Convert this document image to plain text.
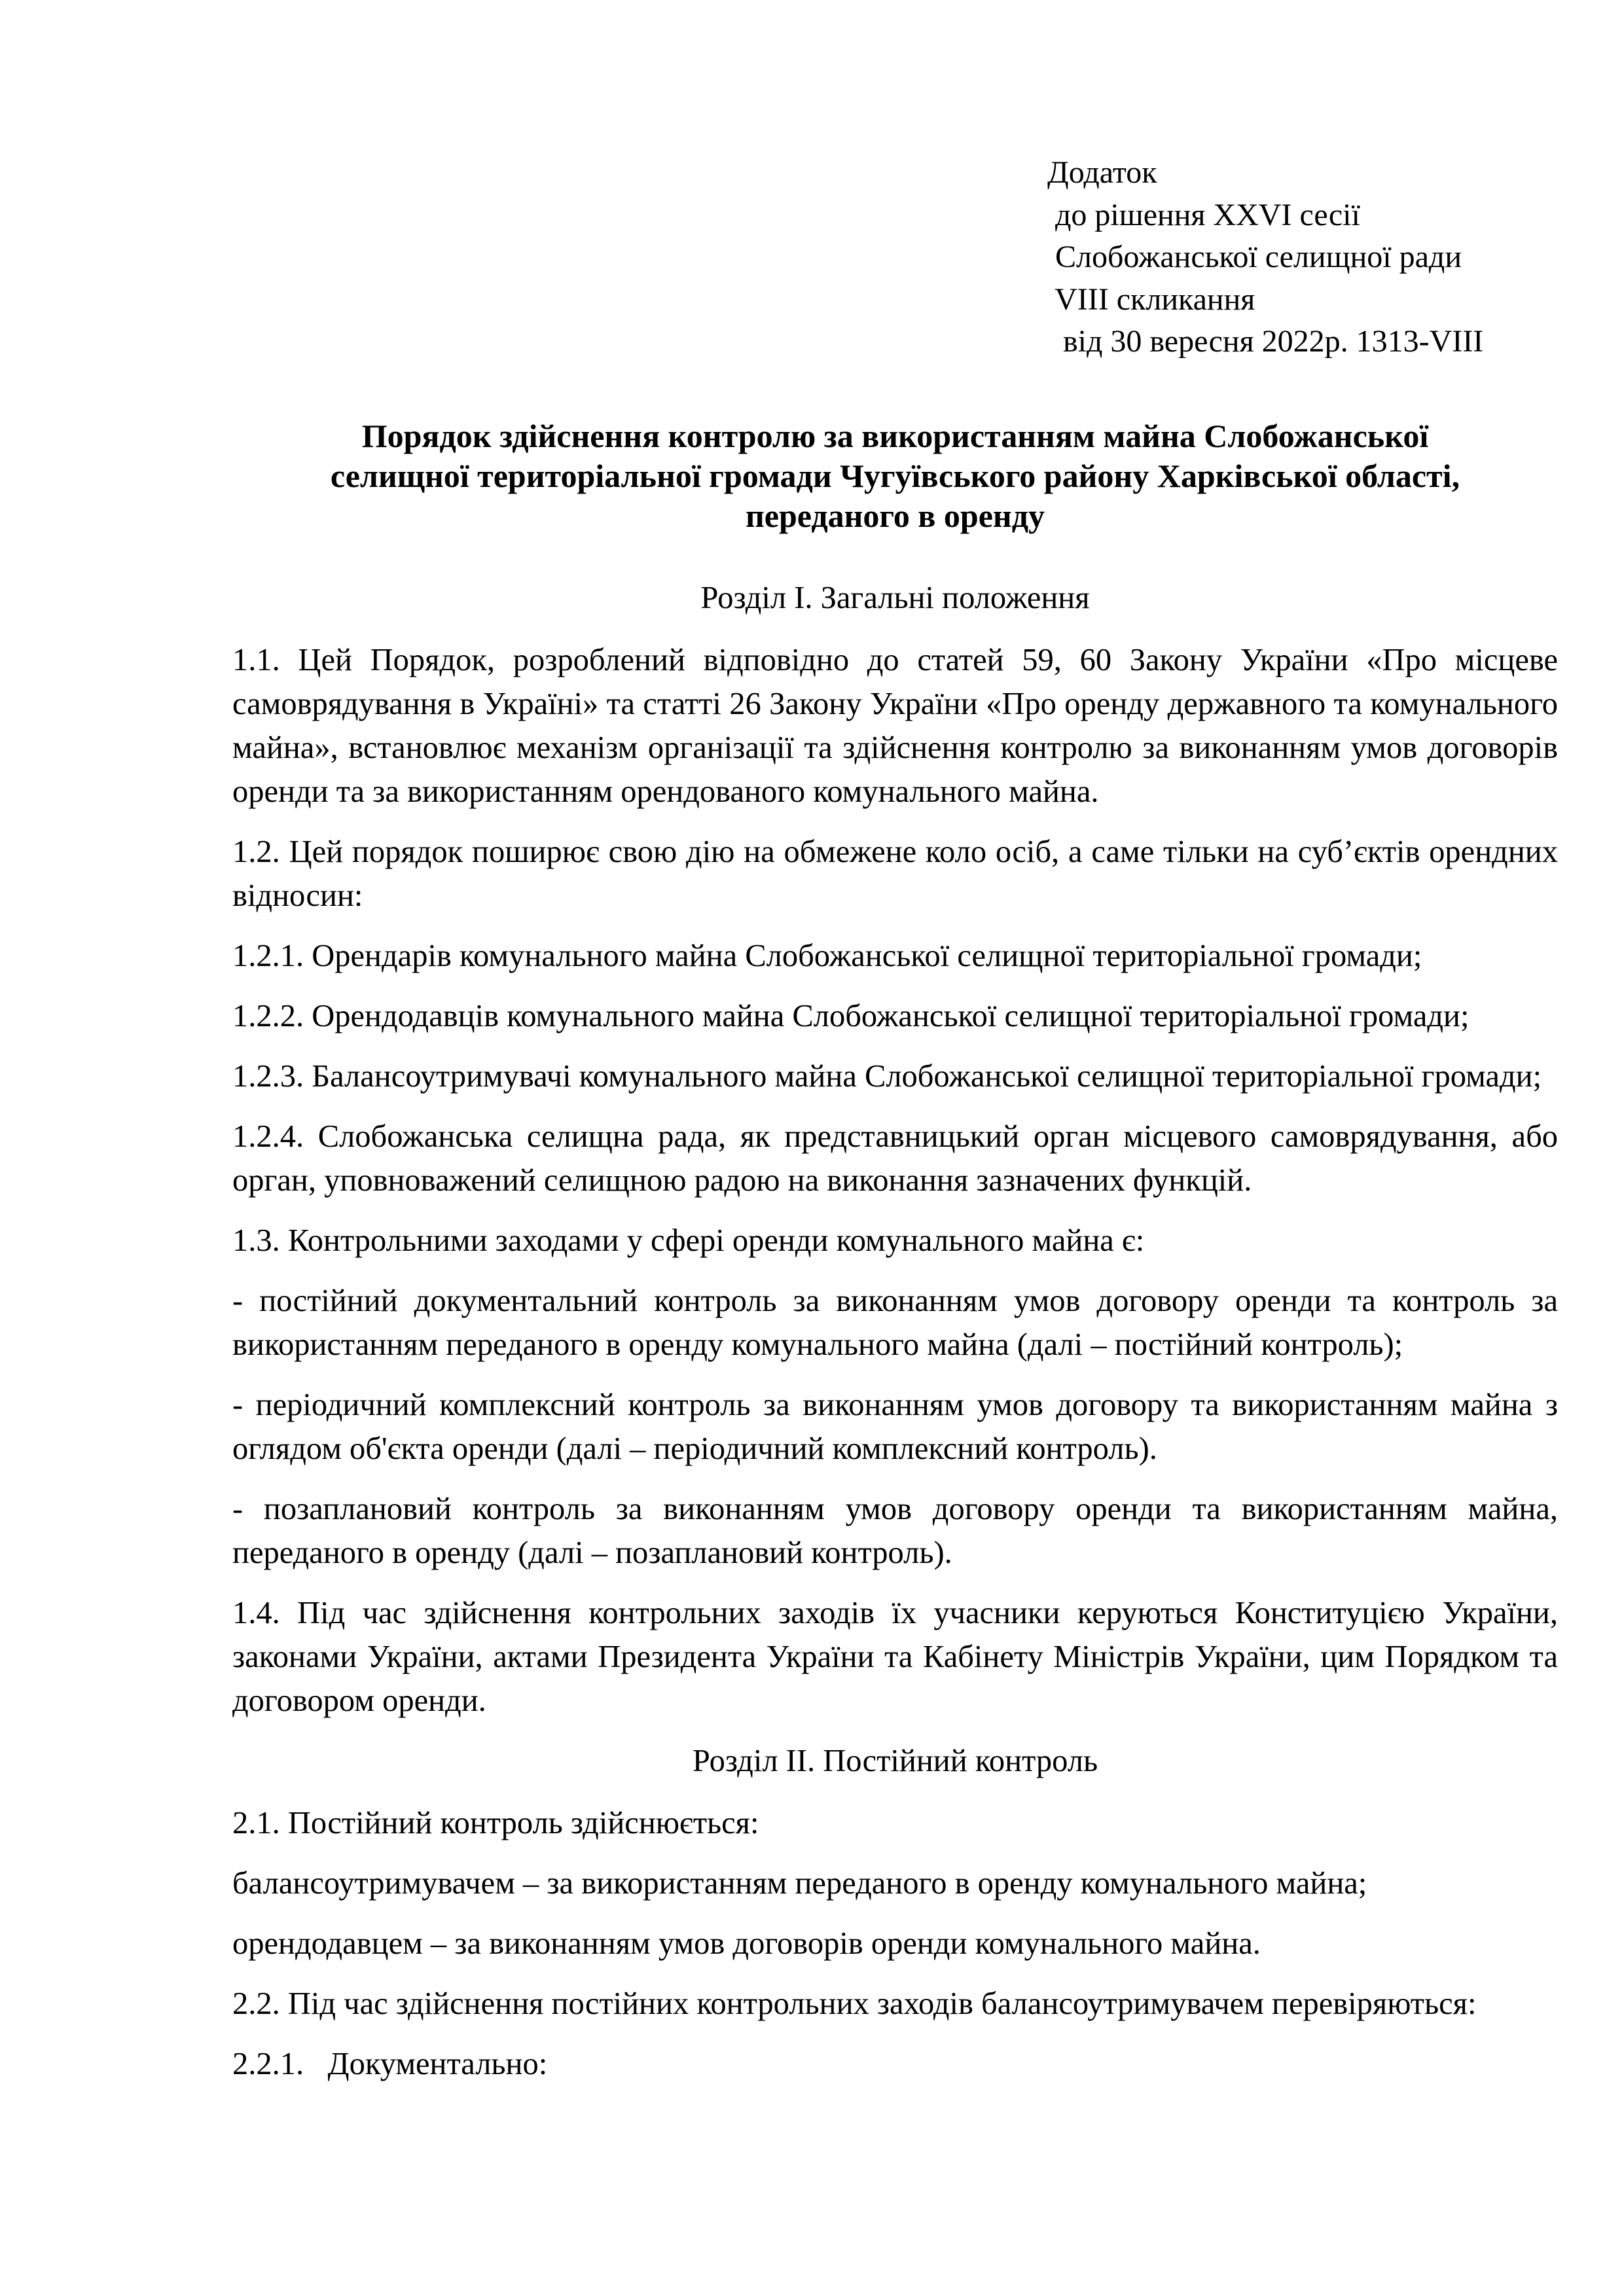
Додаток
до рішення XXVI сесії
Слобожанської селищної ради
VIII скликання
від 30 вересня 2022р. 1313-VIII
Порядок здійснення контролю за використанням майна Слобожанської
селищної територіальної громади Чугуївського району Харківської області,
переданого в оренду
Розділ І. Загальні положення

1.1. Цей Порядок, розроблений відповідно до статей 59, 60 Закону України «Про місцеве самоврядування в Україні» та статті 26 Закону України «Про оренду державного та комунального майна», встановлює механізм організації та здійснення контролю за виконанням умов договорів оренди та за використанням орендованого комунального майна.

1.2. Цей порядок поширює свою дію на обмежене коло осіб, а саме тільки на суб’єктів орендних відносин:

1.2.1. Орендарів комунального майна Слобожанської селищної територіальної громади;

1.2.2. Орендодавців комунального майна Слобожанської селищної територіальної громади;

1.2.3. Балансоутримувачі комунального майна Слобожанської селищної територіальної громади;

1.2.4. Слобожанська селищна рада, як представницький орган місцевого самоврядування, або орган, уповноважений селищною радою на виконання зазначених функцій.

1.3. Контрольними заходами у сфері оренди комунального майна є:

- постійний документальний контроль за виконанням умов договору оренди та контроль за використанням переданого в оренду комунального майна (далі – постійний контроль);

- періодичний комплексний контроль за виконанням умов договору та використанням майна з оглядом об'єкта оренди (далі – періодичний комплексний контроль).

- позаплановий контроль за виконанням умов договору оренди та використанням майна, переданого в оренду (далі – позаплановий контроль).

1.4. Під час здійснення контрольних заходів їх учасники керуються Конституцією України, законами України, актами Президента України та Кабінету Міністрів України, цим Порядком та договором оренди.

Розділ ІІ. Постійний контроль

2.1. Постійний контроль здійснюється:

балансоутримувачем – за використанням переданого в оренду комунального майна;

орендодавцем – за виконанням умов договорів оренди комунального майна.

2.2. Під час здійснення постійних контрольних заходів балансоутримувачем перевіряються:

2.2.1.   Документально:
